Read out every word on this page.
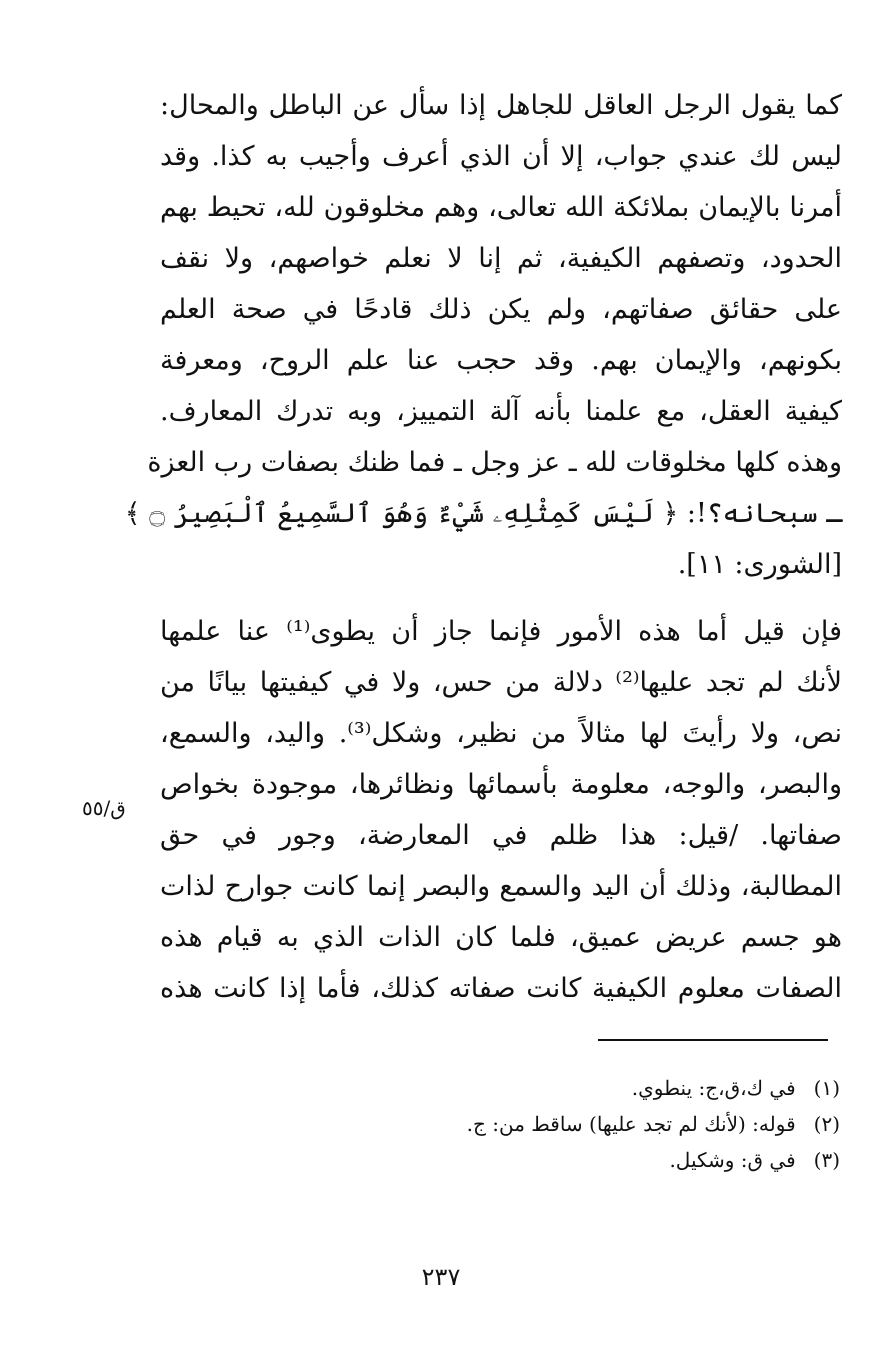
كما يقول الرجل العاقل للجاهل إذا سأل عن الباطل والمحال:
ليس لك عندي جواب، إلا أن الذي أعرف وأجيب به كذا. وقد
أمرنا بالإيمان بملائكة الله تعالى، وهم مخلوقون لله، تحيط بهم
الحدود، وتصفهم الكيفية، ثم إنا لا نعلم خواصهم، ولا نقف
على حقائق صفاتهم، ولم يكن ذلك قادحًا في صحة العلم
بكونهم، والإيمان بهم. وقد حجب عنا علم الروح، ومعرفة
كيفية العقل، مع علمنا بأنه آلة التمييز، وبه تدرك المعارف.
وهذه كلها مخلوقات لله ـ عز وجل ـ فما ظنك بصفات رب العزة
ـ سبحانه؟!: ﴿ لَيْسَ كَمِثْلِهِۦ شَيْءٌ وَهُوَ ٱلسَّمِيعُ ٱلْبَصِيرُ ۝ ﴾
[الشورى: ١١].
فإن قيل أما هذه الأمور فإنما جاز أن يطوى⁽¹⁾ عنا علمها
لأنك لم تجد عليها⁽²⁾ دلالة من حس، ولا في كيفيتها بيانًا من
نص، ولا رأيتَ لها مثالاً من نظير، وشكل⁽³⁾. واليد، والسمع،
والبصر، والوجه، معلومة بأسمائها ونظائرها، موجودة بخواص
صفاتها. /قيل: هذا ظلم في المعارضة، وجور في حق
المطالبة، وذلك أن اليد والسمع والبصر إنما كانت جوارح لذات
هو جسم عريض عميق، فلما كان الذات الذي به قيام هذه
الصفات معلوم الكيفية كانت صفاته كذلك، فأما إذا كانت هذه
ق/٥٥
(١) في ك،ق،ج: ينطوي.
(٢) قوله: (لأنك لم تجد عليها) ساقط من: ج.
(٣) في ق: وشكيل.
٢٣٧
